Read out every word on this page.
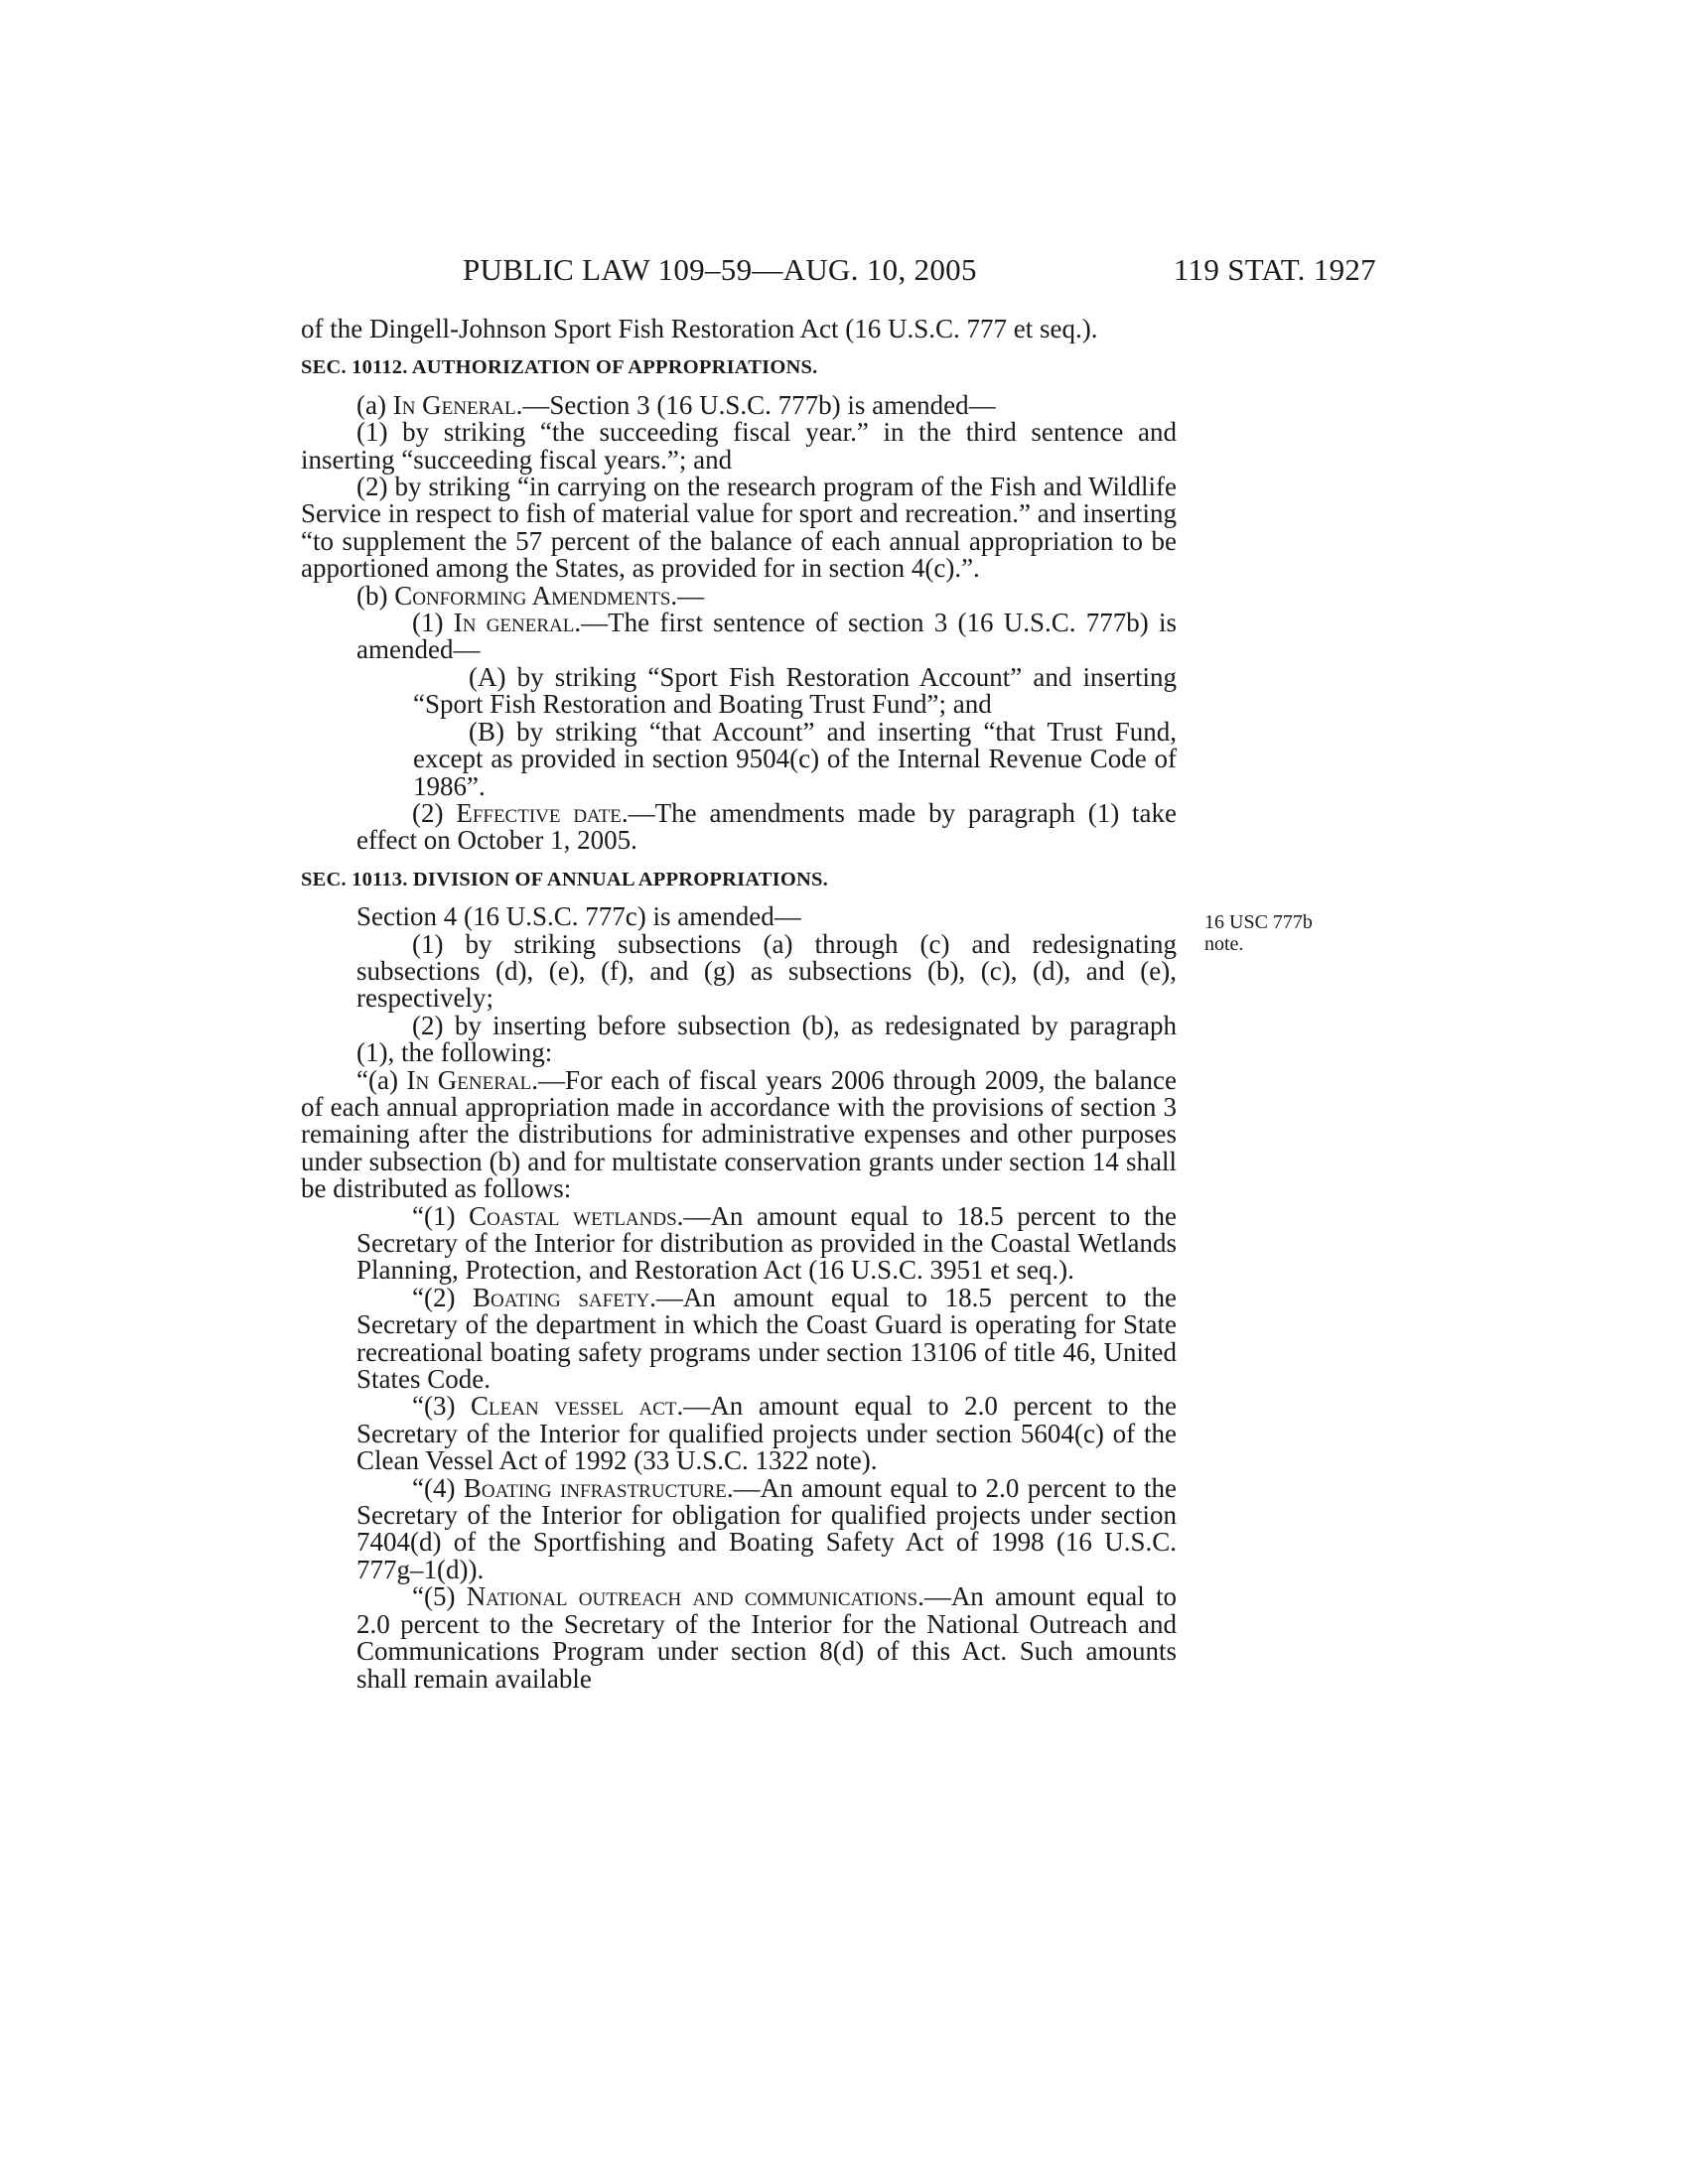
PUBLIC LAW 109–59—AUG. 10, 2005	119 STAT. 1927
16 USC 777b
note.

of the Dingell-Johnson Sport Fish Restoration Act (16 U.S.C. 777 et seq.).

SEC. 10112. AUTHORIZATION OF APPROPRIATIONS.

(a) In General.—Section 3 (16 U.S.C. 777b) is amended—

(1) by striking “the succeeding fiscal year.” in the third sentence and inserting “succeeding fiscal years.”; and

(2) by striking “in carrying on the research program of the Fish and Wildlife Service in respect to fish of material value for sport and recreation.” and inserting “to supplement the 57 percent of the balance of each annual appropriation to be apportioned among the States, as provided for in section 4(c).”.

(b) Conforming Amendments.—

(1) In general.—The first sentence of section 3 (16 U.S.C. 777b) is amended—

(A) by striking “Sport Fish Restoration Account” and inserting “Sport Fish Restoration and Boating Trust Fund”; and

(B) by striking “that Account” and inserting “that Trust Fund, except as provided in section 9504(c) of the Internal Revenue Code of 1986”.

(2) Effective date.—The amendments made by paragraph (1) take effect on October 1, 2005.

SEC. 10113. DIVISION OF ANNUAL APPROPRIATIONS.

Section 4 (16 U.S.C. 777c) is amended—

(1) by striking subsections (a) through (c) and redesignating subsections (d), (e), (f), and (g) as subsections (b), (c), (d), and (e), respectively;

(2) by inserting before subsection (b), as redesignated by paragraph (1), the following:

“(a) In General.—For each of fiscal years 2006 through 2009, the balance of each annual appropriation made in accordance with the provisions of section 3 remaining after the distributions for administrative expenses and other purposes under subsection (b) and for multistate conservation grants under section 14 shall be distributed as follows:

“(1) Coastal wetlands.—An amount equal to 18.5 percent to the Secretary of the Interior for distribution as provided in the Coastal Wetlands Planning, Protection, and Restoration Act (16 U.S.C. 3951 et seq.).

“(2) Boating safety.—An amount equal to 18.5 percent to the Secretary of the department in which the Coast Guard is operating for State recreational boating safety programs under section 13106 of title 46, United States Code.

“(3) Clean vessel act.—An amount equal to 2.0 percent to the Secretary of the Interior for qualified projects under section 5604(c) of the Clean Vessel Act of 1992 (33 U.S.C. 1322 note).

“(4) Boating infrastructure.—An amount equal to 2.0 percent to the Secretary of the Interior for obligation for qualified projects under section 7404(d) of the Sportfishing and Boating Safety Act of 1998 (16 U.S.C. 777g–1(d)).

“(5) National outreach and communications.—An amount equal to 2.0 percent to the Secretary of the Interior for the National Outreach and Communications Program under section 8(d) of this Act. Such amounts shall remain available
